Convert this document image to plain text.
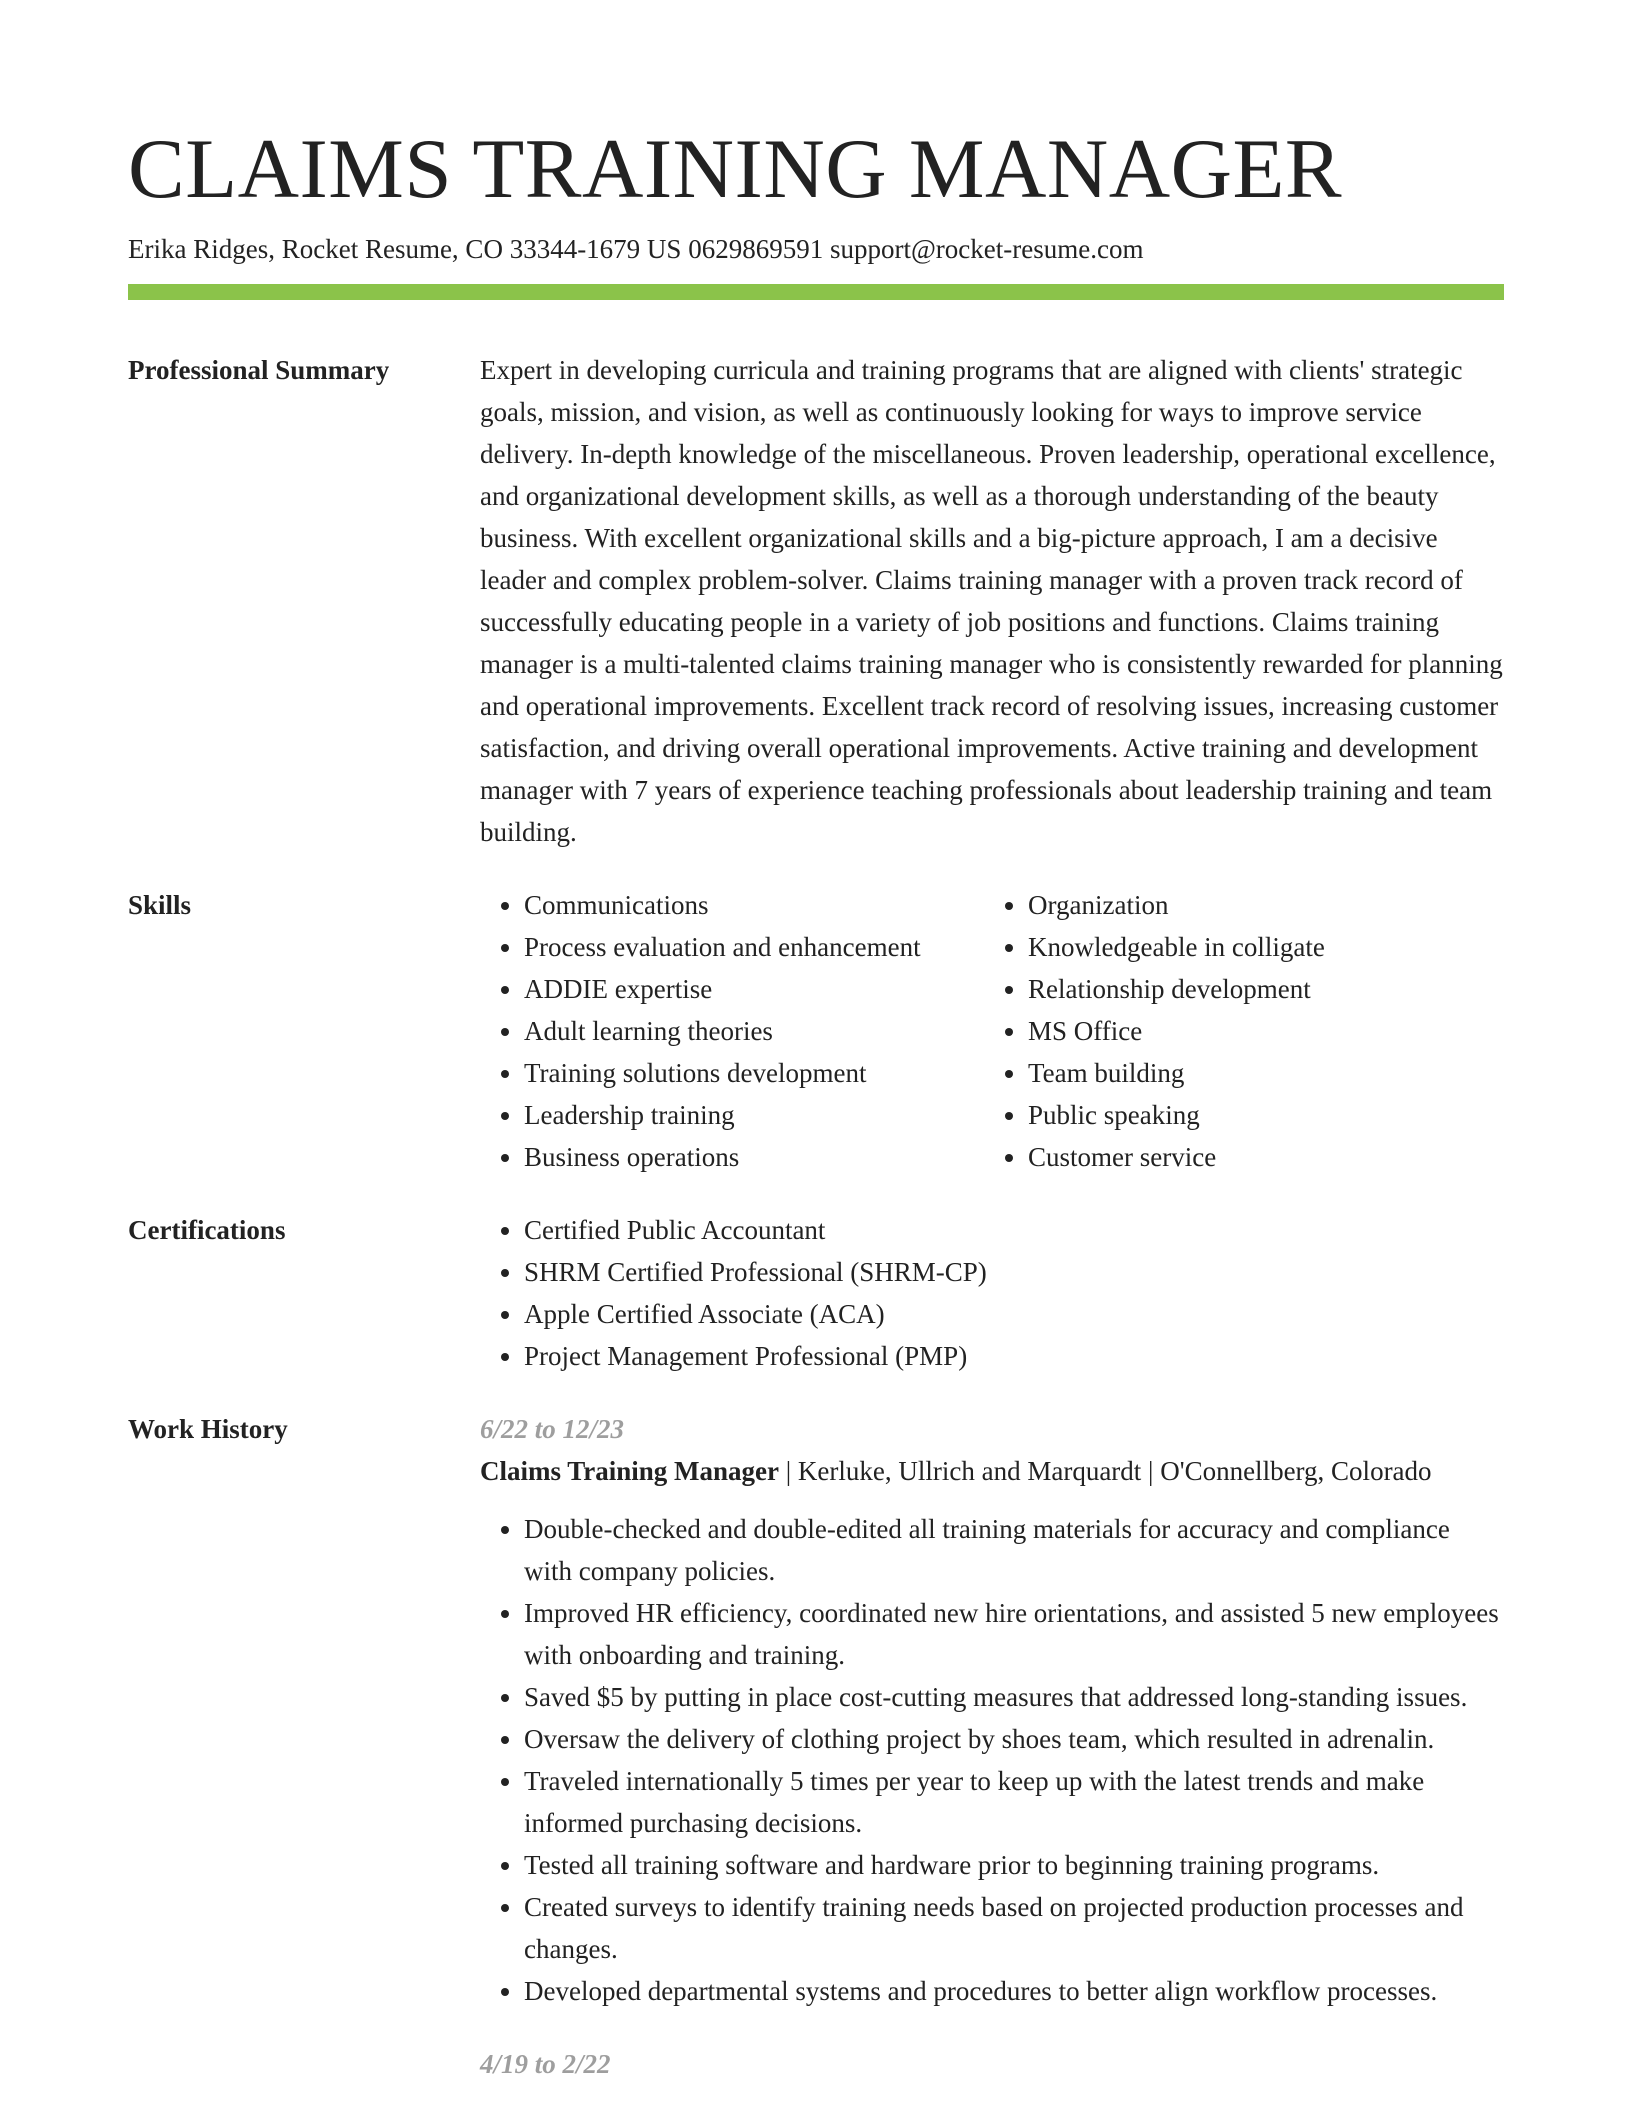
CLAIMS TRAINING MANAGER
Erika Ridges, Rocket Resume, CO 33344-1679 US 0629869591 support@rocket-resume.com
Professional Summary	Expert in developing curricula and training programs that are aligned with clients' strategic goals, mission, and vision, as well as continuously looking for ways to improve service delivery. In-depth knowledge of the miscellaneous. Proven leadership, operational excellence, and organizational development skills, as well as a thorough understanding of the beauty business. With excellent organizational skills and a big-picture approach, I am a decisive leader and complex problem-solver. Claims training manager with a proven track record of successfully educating people in a variety of job positions and functions. Claims training manager is a multi-talented claims training manager who is consistently rewarded for planning and operational improvements. Excellent track record of resolving issues, increasing customer satisfaction, and driving overall operational improvements. Active training and development manager with 7 years of experience teaching professionals about leadership training and team building.

Skills	• Communications
• Process evaluation and enhancement
• ADDIE expertise
• Adult learning theories
• Training solutions development
• Leadership training
• Business operations
• Organization
• Knowledgeable in colligate
• Relationship development
• MS Office
• Team building
• Public speaking
• Customer service
Certifications	• Certified Public Accountant
• SHRM Certified Professional (SHRM-CP)
• Apple Certified Associate (ACA)
• Project Management Professional (PMP)
Work History	6/22 to 12/23
Claims Training Manager | Kerluke, Ullrich and Marquardt | O'Connellberg, Colorado
• Double-checked and double-edited all training materials for accuracy and compliance with company policies.
• Improved HR efficiency, coordinated new hire orientations, and assisted 5 new employees with onboarding and training.
• Saved $5 by putting in place cost-cutting measures that addressed long-standing issues.
• Oversaw the delivery of clothing project by shoes team, which resulted in adrenalin.
• Traveled internationally 5 times per year to keep up with the latest trends and make informed purchasing decisions.
• Tested all training software and hardware prior to beginning training programs.
• Created surveys to identify training needs based on projected production processes and changes.
• Developed departmental systems and procedures to better align workflow processes.
4/19 to 2/22
